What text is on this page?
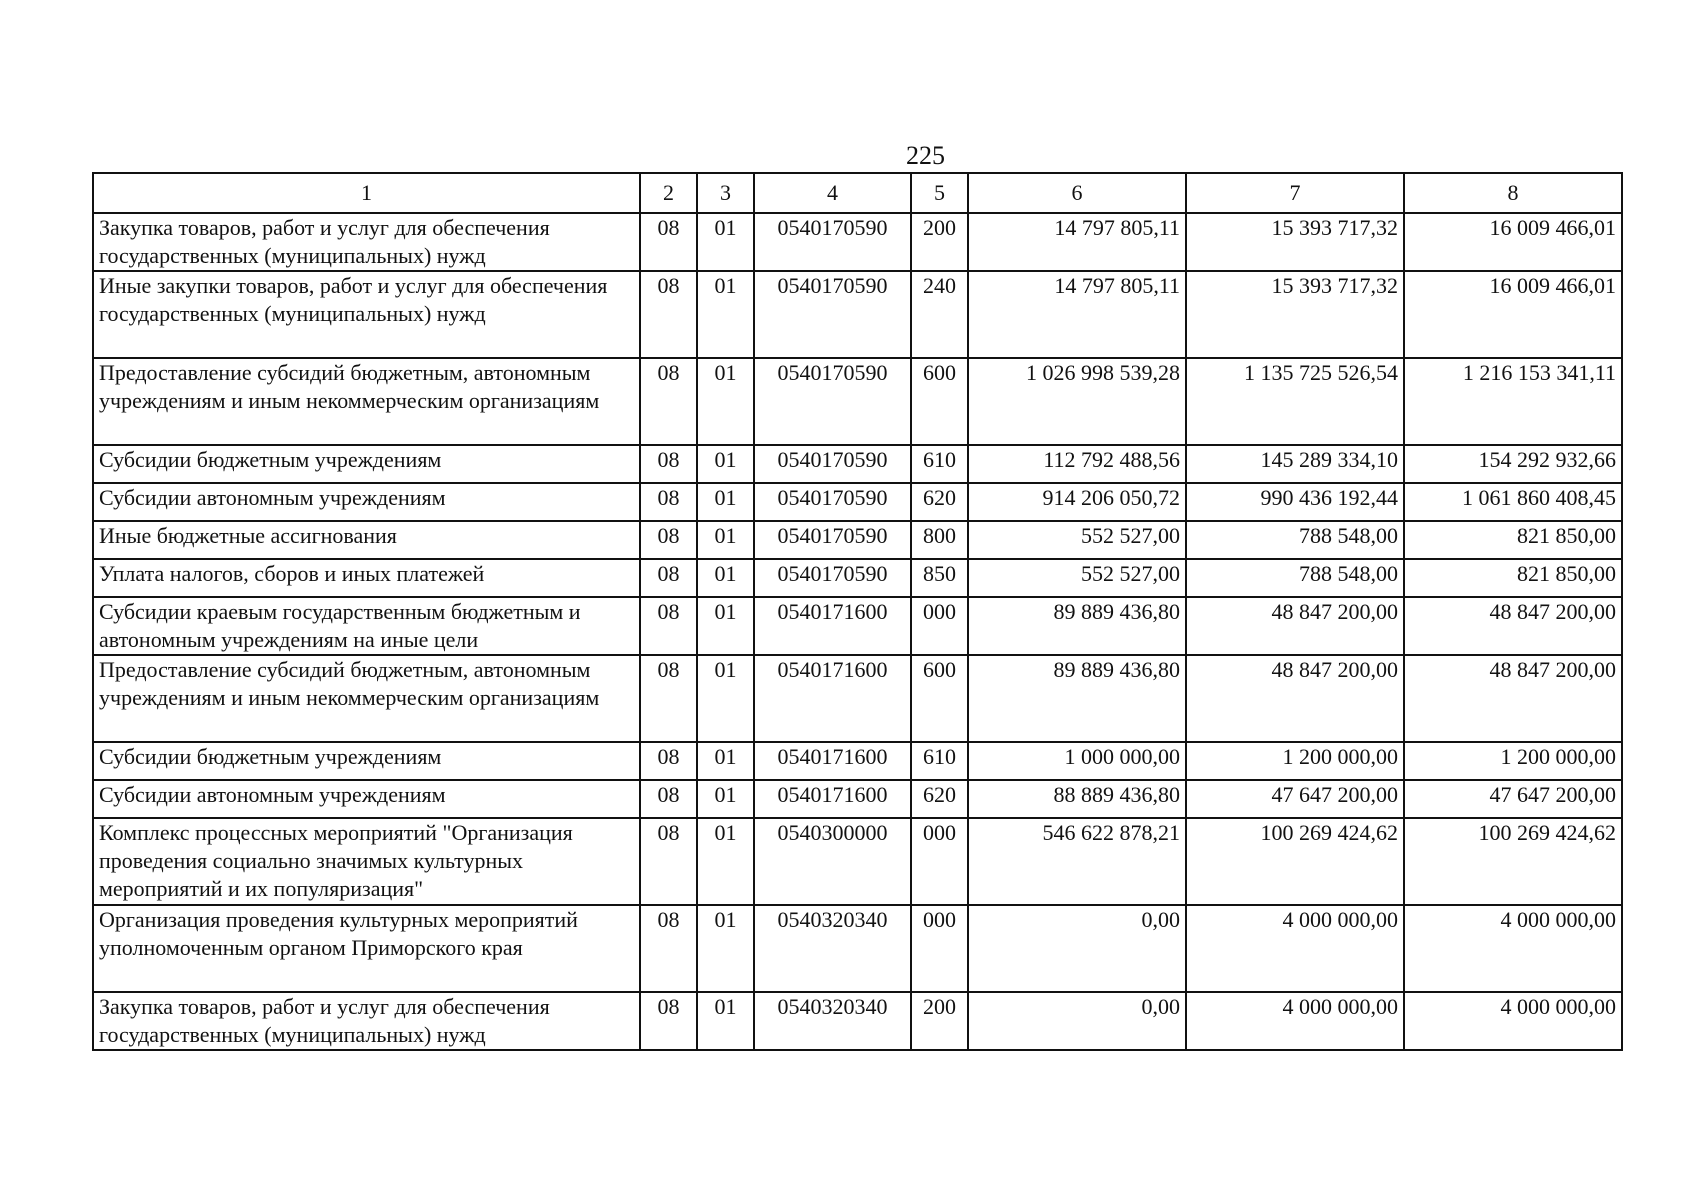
225
1	2	3	4	5	6	7	8
Закупка товаров, работ и услуг для обеспечения государственных (муниципальных) нужд	08	01	0540170590	200	14 797 805,11	15 393 717,32	16 009 466,01
Иные закупки товаров, работ и услуг для обеспечения государственных (муниципальных) нужд	08	01	0540170590	240	14 797 805,11	15 393 717,32	16 009 466,01
Предоставление субсидий бюджетным, автономным учреждениям и иным некоммерческим организациям	08	01	0540170590	600	1 026 998 539,28	1 135 725 526,54	1 216 153 341,11
Субсидии бюджетным учреждениям	08	01	0540170590	610	112 792 488,56	145 289 334,10	154 292 932,66
Субсидии автономным учреждениям	08	01	0540170590	620	914 206 050,72	990 436 192,44	1 061 860 408,45
Иные бюджетные ассигнования	08	01	0540170590	800	552 527,00	788 548,00	821 850,00
Уплата налогов, сборов и иных платежей	08	01	0540170590	850	552 527,00	788 548,00	821 850,00
Субсидии краевым государственным бюджетным и автономным учреждениям на иные цели	08	01	0540171600	000	89 889 436,80	48 847 200,00	48 847 200,00
Предоставление субсидий бюджетным, автономным учреждениям и иным некоммерческим организациям	08	01	0540171600	600	89 889 436,80	48 847 200,00	48 847 200,00
Субсидии бюджетным учреждениям	08	01	0540171600	610	1 000 000,00	1 200 000,00	1 200 000,00
Субсидии автономным учреждениям	08	01	0540171600	620	88 889 436,80	47 647 200,00	47 647 200,00
Комплекс процессных мероприятий "Организация проведения социально значимых культурных мероприятий и их популяризация"	08	01	0540300000	000	546 622 878,21	100 269 424,62	100 269 424,62
Организация проведения культурных мероприятий уполномоченным органом Приморского края	08	01	0540320340	000	0,00	4 000 000,00	4 000 000,00
Закупка товаров, работ и услуг для обеспечения государственных (муниципальных) нужд	08	01	0540320340	200	0,00	4 000 000,00	4 000 000,00
